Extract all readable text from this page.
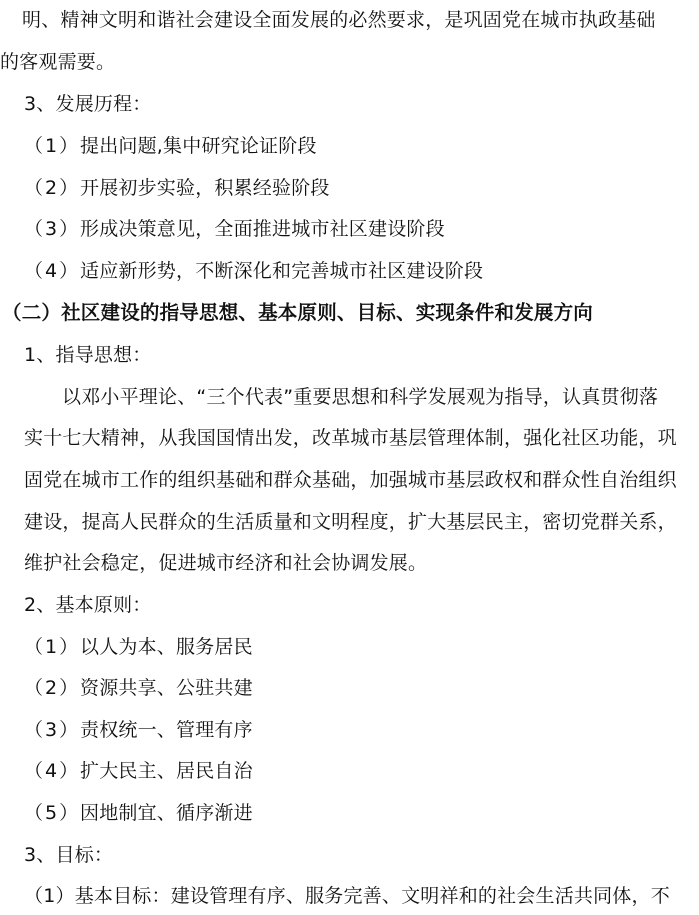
明、精神文明和谐社会建设全面发展的必然要求，是巩固党在城市执政基础
的客观需要。
3、发展历程：
（1）提出问题,集中研究论证阶段
（2）开展初步实验，积累经验阶段
（3）形成决策意见，全面推进城市社区建设阶段
（4）适应新形势，不断深化和完善城市社区建设阶段
（二）社区建设的指导思想、基本原则、目标、实现条件和发展方向
1、指导思想：
以邓小平理论、“三个代表”重要思想和科学发展观为指导，认真贯彻落
实十七大精神，从我国国情出发，改革城市基层管理体制，强化社区功能，巩
固党在城市工作的组织基础和群众基础，加强城市基层政权和群众性自治组织
建设，提高人民群众的生活质量和文明程度，扩大基层民主，密切党群关系，
维护社会稳定，促进城市经济和社会协调发展。
2、基本原则：
（1）以人为本、服务居民
（2）资源共享、公驻共建
（3）责权统一、管理有序
（4）扩大民主、居民自治
（5）因地制宜、循序渐进
3、目标：
（1）基本目标：建设管理有序、服务完善、文明祥和的社会生活共同体，不
